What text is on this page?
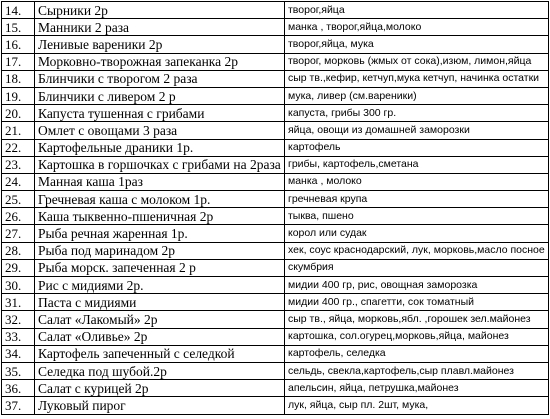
14.	Сырники 2р	творог,яйца
15.	Манники 2 раза	манка , творог,яйца,молоко
16.	Ленивые вареники 2р	творог,яйца, мука
17.	Морковно-творожная запеканка 2р	творог, морковь (жмых от сока),изюм, лимон,яйца
18.	Блинчики с творогом 2 раза	сыр тв.,кефир, кетчуп,мука кетчуп, начинка остатки
19.	Блинчики с ливером 2 р	мука, ливер (см.вареники)
20.	Капуста тушенная с грибами	капуста, грибы 300 гр.
21.	Омлет с овощами 3 раза	яйца, овощи из домашней заморозки
22.	Картофельные драники 1р.	картофель
23.	Картошка в горшочках с грибами на 2раза	грибы, картофель,сметана
24.	Манная каша 1раз	манка , молоко
25.	Гречневая каша с молоком 1р.	гречневая крупа
26.	Каша тыквенно-пшеничная 2р	тыква, пшено
27.	Рыба речная жаренная 1р.	корол или судак
28.	Рыба под маринадом 2р	хек, соус краснодарский, лук, морковь,масло посное
29.	Рыба морск. запеченная 2 р	скумбрия
30.	Рис с мидиями 2р.	мидии 400 гр, рис, овощная заморозка
31.	Паста с мидиями	мидии 400 гр., спагетти, сок томатный
32.	Салат «Лакомый» 2р	сыр тв., яйца, морковь,ябл. ,горошек зел.майонез
33.	Салат «Оливье» 2р	картошка, сол.огурец,морковь,яйца, майонез
34.	Картофель запеченный с селедкой	картофель, селедка
35.	Селедка под шубой.2р	сельдь, свекла,картофель,сыр плавл.майонез
36.	Салат с курицей 2р	апельсин, яйца, петрушка,майонез
37.	Луковый пирог	лук, яйца, сыр пл. 2шт, мука,
